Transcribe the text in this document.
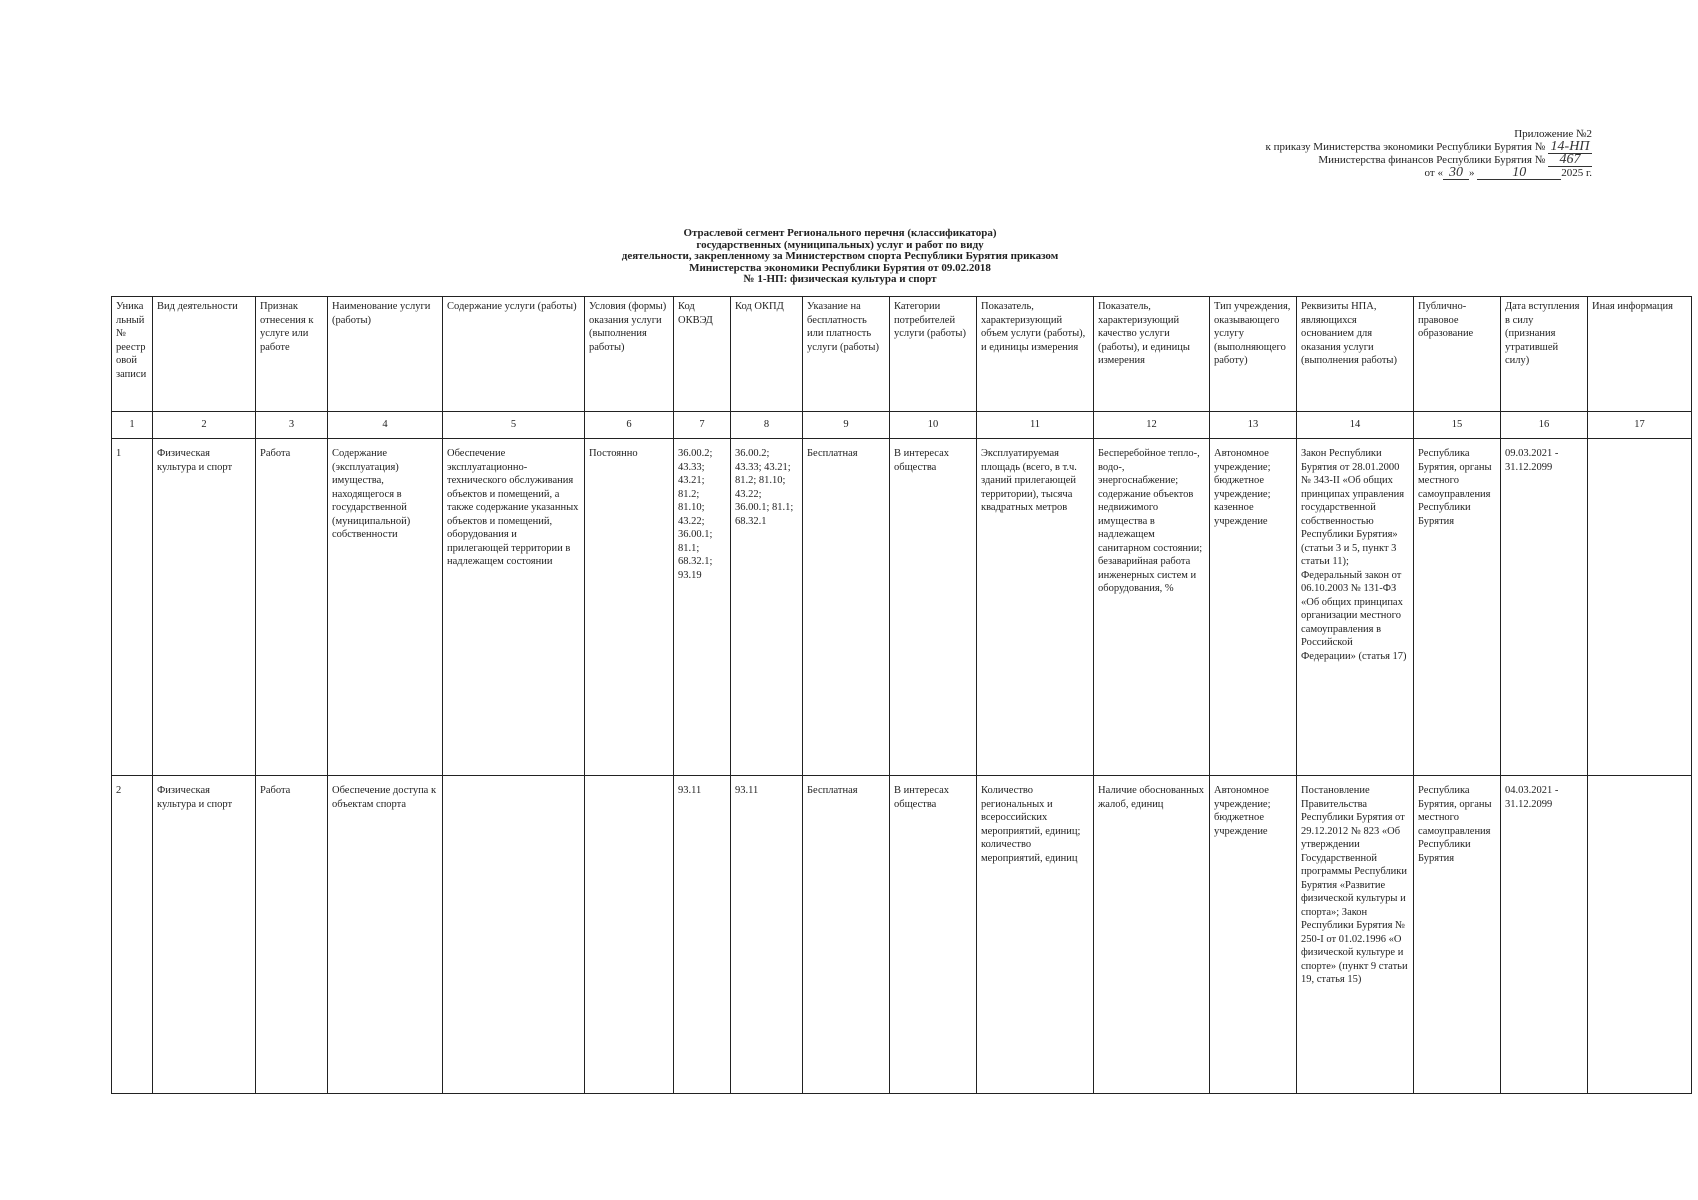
Приложение №2
к приказу Министерства экономики Республики Бурятия № 14-НП
Министерства финансов Республики Бурятия № 467
от « 30 »	10	2025 г.
Отраслевой сегмент Регионального перечня (классификатора)
государственных (муниципальных) услуг и работ по виду
деятельности, закрепленному за Министерством спорта Республики Бурятия приказом
Министерства экономики Республики Бурятия от 09.02.2018
№ 1-НП: физическая культура и спорт
Уникальный № реестровой записи	Вид деятельности	Признак отнесения к услуге или работе	Наименование услуги (работы)	Содержание услуги (работы)	Условия (формы) оказания услуги (выполнения работы)	Код ОКВЭД	Код ОКПД	Указание на бесплатность или платность услуги (работы)	Категории потребителей услуги (работы)	Показатель, характеризующий объем услуги (работы), и единицы измерения	Показатель, характеризующий качество услуги (работы), и единицы измерения	Тип учреждения, оказывающего услугу (выполняющего работу)	Реквизиты НПА, являющихся основанием для оказания услуги (выполнения работы)	Публично-правовое образование	Дата вступления в силу (признания утратившей силу)	Иная информация
1	2	3	4	5	6	7	8	9	10	11	12	13	14	15	16	17
1	Физическая культура и спорт	Работа	Содержание (эксплуатация) имущества, находящегося в государственной (муниципальной) собственности	Обеспечение эксплуатационно-технического обслуживания объектов и помещений, а также содержание указанных объектов и помещений, оборудования и прилегающей территории в надлежащем состоянии	Постоянно	36.00.2; 43.33; 43.21; 81.2; 81.10; 43.22; 36.00.1; 81.1; 68.32.1; 93.19	36.00.2; 43.33; 43.21; 81.2; 81.10; 43.22; 36.00.1; 81.1; 68.32.1	Бесплатная	В интересах общества	Эксплуатируемая площадь (всего, в т.ч. зданий прилегающей территории), тысяча квадратных метров	Бесперебойное тепло-, водо-, энергоснабжение; содержание объектов недвижимого имущества в надлежащем санитарном состоянии; безаварийная работа инженерных систем и оборудования, %	Автономное учреждение; бюджетное учреждение; казенное учреждение	Закон Республики Бурятия от 28.01.2000 № 343-II «Об общих принципах управления государственной собственностью Республики Бурятия» (статьи 3 и 5, пункт 3 статьи 11); Федеральный закон от 06.10.2003 № 131-ФЗ «Об общих принципах организации местного самоуправления в Российской Федерации» (статья 17)	Республика Бурятия, органы местного самоуправления Республики Бурятия	09.03.2021 - 31.12.2099	
2	Физическая культура и спорт	Работа	Обеспечение доступа к объектам спорта			93.11	93.11	Бесплатная	В интересах общества	Количество региональных и всероссийских мероприятий, единиц; количество мероприятий, единиц	Наличие обоснованных жалоб, единиц	Автономное учреждение; бюджетное учреждение	Постановление Правительства Республики Бурятия от 29.12.2012 № 823 «Об утверждении Государственной программы Республики Бурятия «Развитие физической культуры и спорта»; Закон Республики Бурятия № 250-I от 01.02.1996 «О физической культуре и спорте» (пункт 9 статьи 19, статья 15)	Республика Бурятия, органы местного самоуправления Республики Бурятия	04.03.2021 - 31.12.2099	
